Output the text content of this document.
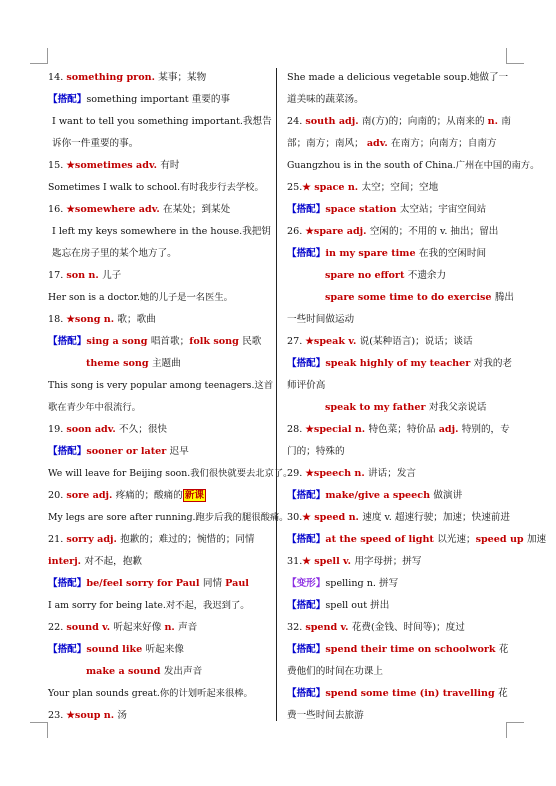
14. something pron. 某事；某物
【搭配】something important 重要的事
I want to tell you something important.我想告诉你一件重要的事。
15. ★sometimes adv. 有时
Sometimes I walk to school.有时我步行去学校。
16. ★somewhere adv. 在某处；到某处
I left my keys somewhere in the house.我把钥匙忘在房子里的某个地方了。
17. son n. 儿子
Her son is a doctor.她的儿子是一名医生。
18. ★song n. 歌；歌曲
【搭配】sing a song 唱首歌；folk song 民歌
theme song 主题曲
This song is very popular among teenagers.这首歌在青少年中很流行。
19. soon adv. 不久；很快
【搭配】sooner or later 迟早
We will leave for Beijing soon.我们很快就要去北京了。
20. sore adj. 疼痛的；酸痛的 新课
My legs are sore after running.跑步后我的腿很酸痛。
21. sorry adj. 抱歉的；难过的；惋惜的；同情 interj. 对不起，抱歉
【搭配】be/feel sorry for Paul 同情 Paul
I am sorry for being late.对不起，我迟到了。
22. sound v. 听起来好像 n. 声音
【搭配】sound like 听起来像
make a sound 发出声音
Your plan sounds great.你的计划听起来很棒。
23. ★soup n. 汤
She made a delicious vegetable soup.她做了一道美味的蔬菜汤。
24. south adj. 南(方)的；向南的；从南来的 n. 南部；南方；南风； adv. 在南方；向南方；自南方
Guangzhou is in the south of China.广州在中国的南方。
25.★ space n. 太空；空间；空地
【搭配】space station 太空站；宇宙空间站
26. ★spare adj. 空闲的；不用的 v. 抽出；留出
【搭配】in my spare time 在我的空闲时间
spare no effort 不遗余力
spare some time to do exercise 腾出一些时间做运动
27. ★speak v. 说(某种语言)；说话；谈话
【搭配】speak highly of my teacher 对我的老师评价高
speak to my father 对我父亲说话
28. ★special n. 特色菜；特价品 adj. 特别的，专门的；特殊的
29. ★speech n. 讲话；发言
【搭配】make/give a speech 做演讲
30.★ speed n. 速度 v. 超速行驶；加速；快速前进
【搭配】at the speed of light 以光速；speed up 加速
31.★ spell v. 用字母拼；拼写
【变形】spelling n. 拼写
【搭配】spell out 拼出
32. spend v. 花费(金钱、时间等)；度过
【搭配】spend their time on schoolwork 花费他们的时间在功课上
【搭配】spend some time (in) travelling 花费一些时间去旅游
